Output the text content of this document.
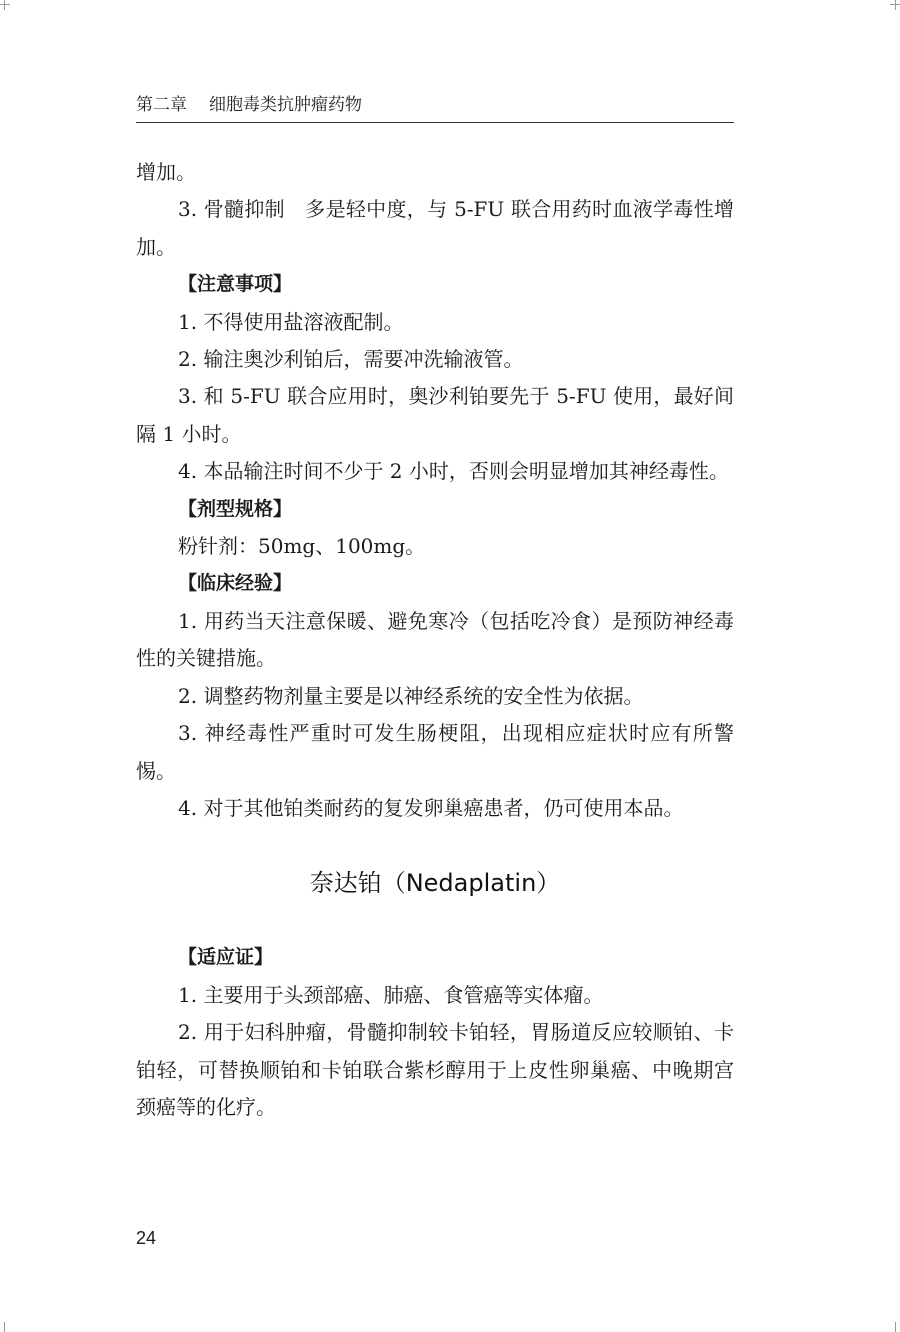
第二章 细胞毒类抗肿瘤药物

增加。

3. 骨髓抑制　多是轻中度，与 5-FU 联合用药时血液学毒性增加。

【注意事项】

1. 不得使用盐溶液配制。

2. 输注奥沙利铂后，需要冲洗输液管。

3. 和 5-FU 联合应用时，奥沙利铂要先于 5-FU 使用，最好间隔 1 小时。

4. 本品输注时间不少于 2 小时，否则会明显增加其神经毒性。

【剂型规格】

粉针剂：50mg、100mg。

【临床经验】

1. 用药当天注意保暖、避免寒冷（包括吃冷食）是预防神经毒性的关键措施。

2. 调整药物剂量主要是以神经系统的安全性为依据。

3. 神经毒性严重时可发生肠梗阻，出现相应症状时应有所警惕。

4. 对于其他铂类耐药的复发卵巢癌患者，仍可使用本品。

奈达铂（Nedaplatin）

【适应证】

1. 主要用于头颈部癌、肺癌、食管癌等实体瘤。

2. 用于妇科肿瘤，骨髓抑制较卡铂轻，胃肠道反应较顺铂、卡铂轻，可替换顺铂和卡铂联合紫杉醇用于上皮性卵巢癌、中晚期宫颈癌等的化疗。

24
